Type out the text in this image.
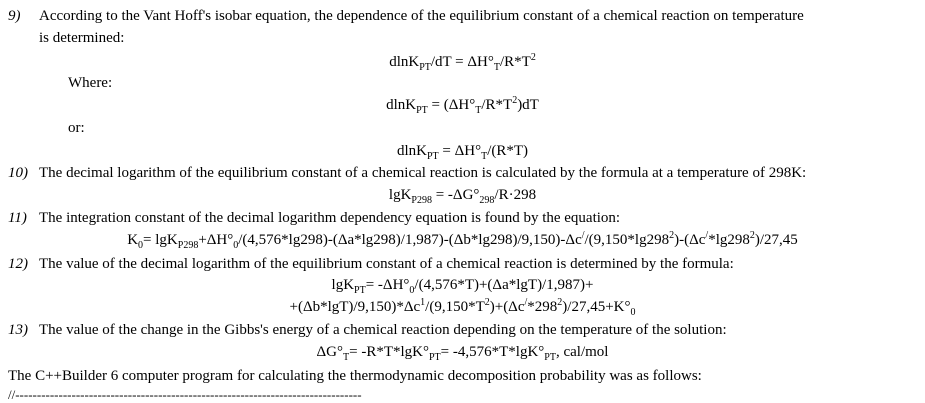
9) According to the Vant Hoff's isobar equation, the dependence of the equilibrium constant of a chemical reaction on temperature
is determined:
$dlnK_{PT}/dT = \Delta H^\circ_T/R*T^2$
Where:
$dlnK_{PT} = (\Delta H^\circ_T/R*T^2)dT$
or:
$dlnK_{PT} = \Delta H^\circ_T/(R*T)$
10) The decimal logarithm of the equilibrium constant of a chemical reaction is calculated by the formula at a temperature of 298K:
$\lg K_{P298} = -\Delta G^\circ_{298}/R\cdot 298$
11) The integration constant of the decimal logarithm dependency equation is found by the equation:
$K_0= \lg K_{P298}+\Delta H^\circ_0/(4,576*\lg 298)-(\Delta a*\lg 298)/1,987)-(\Delta b*\lg 298)/9,150)-\Delta c^//(9,150*\lg 298^2)-(\Delta c^/*\lg 298^2)/27,45$
12) The value of the decimal logarithm of the equilibrium constant of a chemical reaction is determined by the formula:
$\lg K_{PT}= -\Delta H^\circ_0/(4,576*T)+(\Delta a*\lg T)/1,987)+$
$+(\Delta b*\lg T)/9,150)*\Delta c^1/(9,150*T^2)+(\Delta c^/*298^2)/27,45+K^\circ_0$
13) The value of the change in the Gibbs's energy of a chemical reaction depending on the temperature of the solution:
$\Delta G^\circ_T= -R*T*\lg K^\circ_{PT}= -4,576*T*\lg K^\circ_{PT}$, cal/mol
The C++Builder 6 computer program for calculating the thermodynamic decomposition probability was as follows:
//--------------------------------------------------------------------------------
